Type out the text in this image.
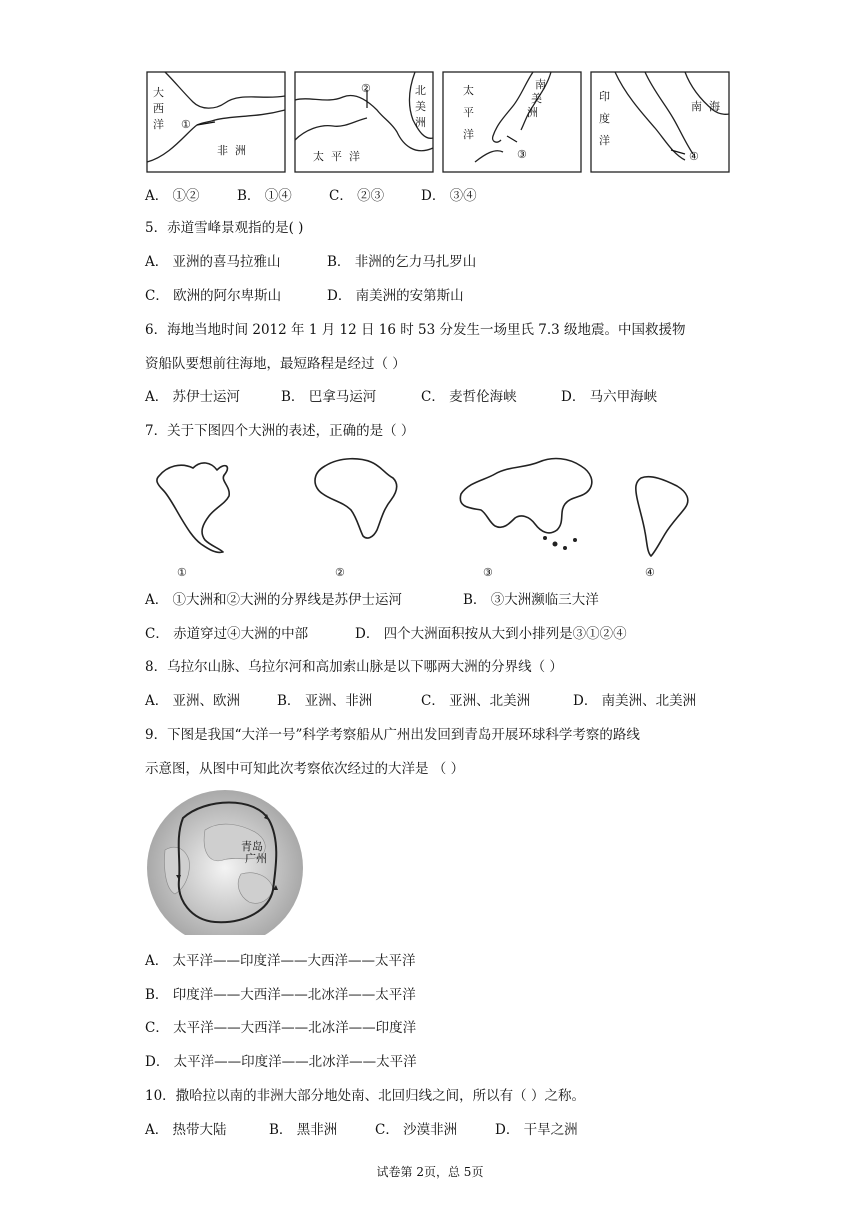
大
西
洋
非 洲
①
北
美
洲
太 平 洋
②	太
平
洋
南
美
洲
③
印
度
洋
南 海
④
A． ①②	B． ①④	C． ②③	D． ③④
5．赤道雪峰景观指的是( )
A． 亚洲的喜马拉雅山	B． 非洲的乞力马扎罗山
C． 欧洲的阿尔卑斯山	D． 南美洲的安第斯山
6．海地当地时间 2012 年 1 月 12 日 16 时 53 分发生一场里氏 7.3 级地震。中国救援物
资船队要想前往海地，最短路程是经过（ ）
A． 苏伊士运河	B． 巴拿马运河	C． 麦哲伦海峡	D． 马六甲海峡
7．关于下图四个大洲的表述，正确的是（ ）
①	②	③	④
A． ①大洲和②大洲的分界线是苏伊士运河	B． ③大洲濒临三大洋
C． 赤道穿过④大洲的中部	D． 四个大洲面积按从大到小排列是③①②④
8．乌拉尔山脉、乌拉尔河和高加索山脉是以下哪两大洲的分界线（ ）
A． 亚洲、欧洲	B． 亚洲、非洲	C． 亚洲、北美洲	D． 南美洲、北美洲
9．下图是我国“大洋一号”科学考察船从广州出发回到青岛开展环球科学考察的路线
示意图，从图中可知此次考察依次经过的大洋是 （ ）
青岛
广州
A． 太平洋——印度洋——大西洋——太平洋
B． 印度洋——大西洋——北冰洋——太平洋
C． 太平洋——大西洋——北冰洋——印度洋
D． 太平洋——印度洋——北冰洋——太平洋
10．撒哈拉以南的非洲大部分地处南、北回归线之间，所以有（ ）之称。
A． 热带大陆	B． 黑非洲	C． 沙漠非洲	D． 干旱之洲
试卷第 2页，总 5页
